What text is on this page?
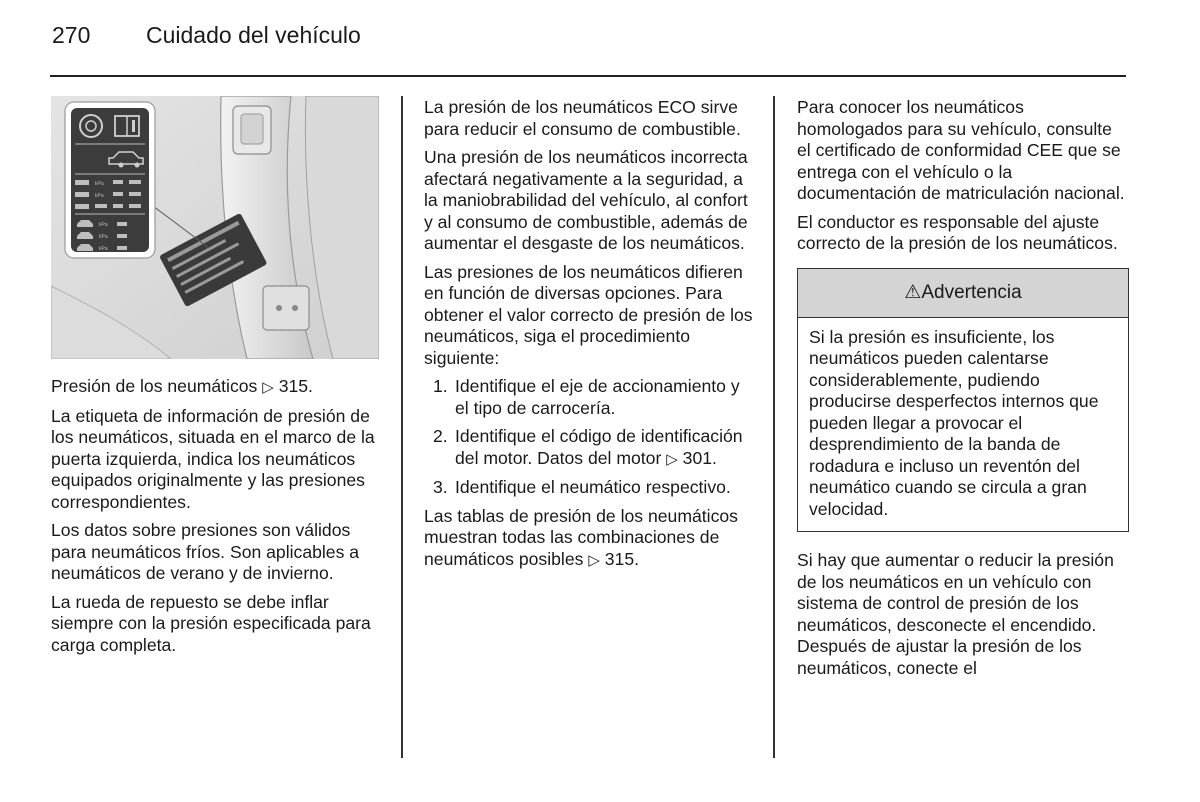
270 Cuidado del vehículo
kPa
kPa
kPa
kPa
kPa

Presión de los neumáticos ▷ 315.

La etiqueta de información de presión de los neumáticos, situada en el marco de la puerta izquierda, indica los neumáticos equipados originalmente y las presiones correspondientes.

Los datos sobre presiones son válidos para neumáticos fríos. Son aplicables a neumáticos de verano y de invierno.

La rueda de repuesto se debe inflar siempre con la presión especificada para carga completa.

La presión de los neumáticos ECO sirve para reducir el consumo de combustible.

Una presión de los neumáticos incorrecta afectará negativamente a la seguridad, a la maniobrabilidad del vehículo, al confort y al consumo de combustible, además de aumentar el desgaste de los neumáticos.

Las presiones de los neumáticos difieren en función de diversas opciones. Para obtener el valor correcto de presión de los neumáticos, siga el procedimiento siguiente:

1. Identifique el eje de accionamiento y el tipo de carrocería.
2. Identifique el código de identificación del motor. Datos del motor ▷ 301.
3. Identifique el neumático respectivo.

Las tablas de presión de los neumáticos muestran todas las combinaciones de neumáticos posibles ▷ 315.

Para conocer los neumáticos homologados para su vehículo, consulte el certificado de conformidad CEE que se entrega con el vehículo o la documentación de matriculación nacional.

El conductor es responsable del ajuste correcto de la presión de los neumáticos.

⚠Advertencia
Si la presión es insuficiente, los neumáticos pueden calentarse considerablemente, pudiendo producirse desperfectos internos que pueden llegar a provocar el desprendimiento de la banda de rodadura e incluso un reventón del neumático cuando se circula a gran velocidad.

Si hay que aumentar o reducir la presión de los neumáticos en un vehículo con sistema de control de presión de los neumáticos, desconecte el encendido. Después de ajustar la presión de los neumáticos, conecte el
